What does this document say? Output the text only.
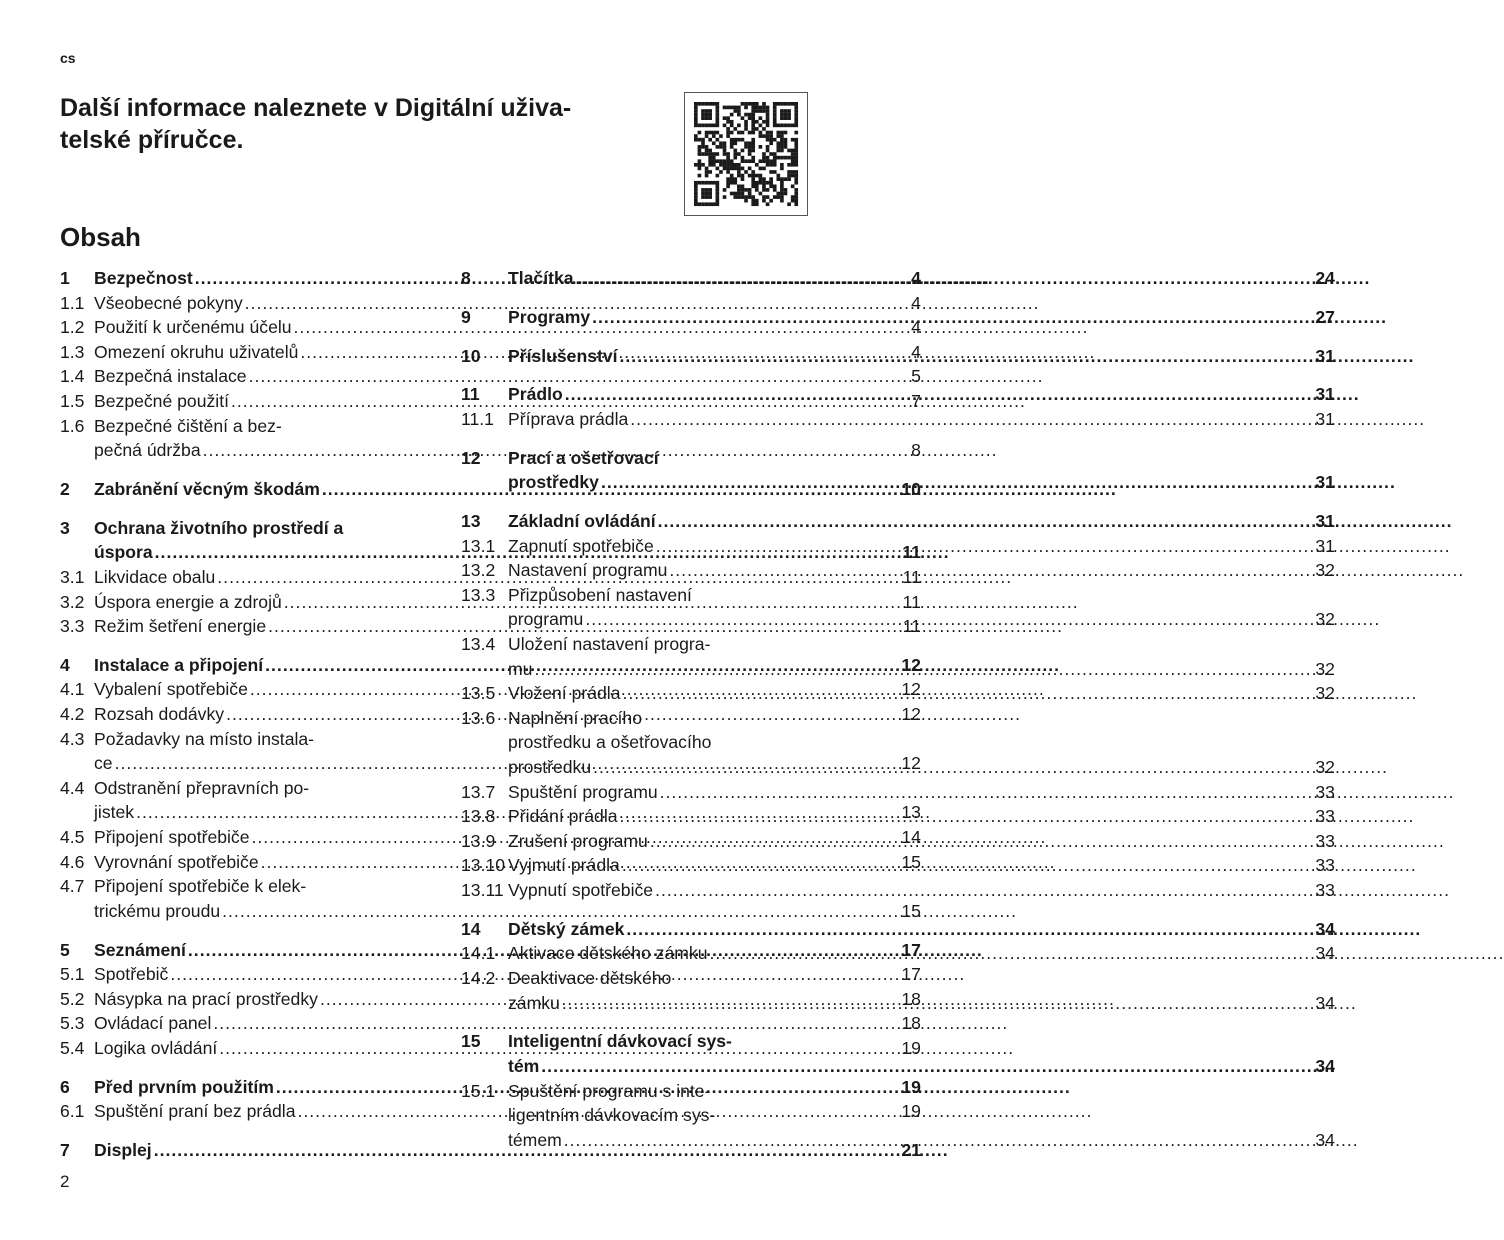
cs
Další informace naleznete v Digitální uživa-
telské příručce.
Obsah
1	Bezpečnost .....	4
1.1 Všeobecné pokyny .....	4
1.2 Použití k určenému účelu .....	4
1.3 Omezení okruhu uživatelů .....	4
1.4 Bezpečná instalace .....	5
1.5 Bezpečné použití .....	7
1.6 Bezpečné čištění a bez-
pečná údržba .....	8
2	Zabránění věcným škodám .....	10
3	Ochrana životního prostředí a
úspora .....	11
3.1 Likvidace obalu .....	11
3.2 Úspora energie a zdrojů .....	11
3.3 Režim šetření energie .....	11
4	Instalace a připojení .....	12
4.1 Vybalení spotřebiče .....	12
4.2 Rozsah dodávky .....	12
4.3 Požadavky na místo instala-
ce .....	12
4.4 Odstranění přepravních po-
jistek .....	13
4.5 Připojení spotřebiče .....	14
4.6 Vyrovnání spotřebiče .....	15
4.7 Připojení spotřebiče k elek-
trickému proudu .....	15
5	Seznámení .....	17
5.1 Spotřebič .....	17
5.2 Násypka na prací prostředky .....	18
5.3 Ovládací panel .....	18
5.4 Logika ovládání .....	19
6	Před prvním použitím .....	19
6.1 Spuštění praní bez prádla .....	19
7	Displej .....	21
8	Tlačítka .....	24
9	Programy .....	27
10	Příslušenství .....	31
11	Prádlo .....	31
11.1 Příprava prádla .....	31
12	Prací a ošetřovací
prostředky .....	31
13	Základní ovládání .....	31
13.1 Zapnutí spotřebiče .....	31
13.2 Nastavení programu .....	32
13.3 Přizpůsobení nastavení
programu .....	32
13.4 Uložení nastavení progra-
mu .....	32
13.5 Vložení prádla .....	32
13.6 Naplnění pracího
prostředku a ošetřovacího
prostředku .....	32
13.7 Spuštění programu .....	33
13.8 Přidání prádla .....	33
13.9 Zrušení programu .....	33
13.10 Vyjmutí prádla .....	33
13.11 Vypnutí spotřebiče .....	33
14	Dětský zámek .....	34
14.1 Aktivace dětského zámku .....	34
14.2 Deaktivace dětského
zámku .....	34
15	Inteligentní dávkovací sys-
tém .....	34
15.1 Spuštění programu s inte-
ligentním dávkovacím sys-
témem .....	34
2
